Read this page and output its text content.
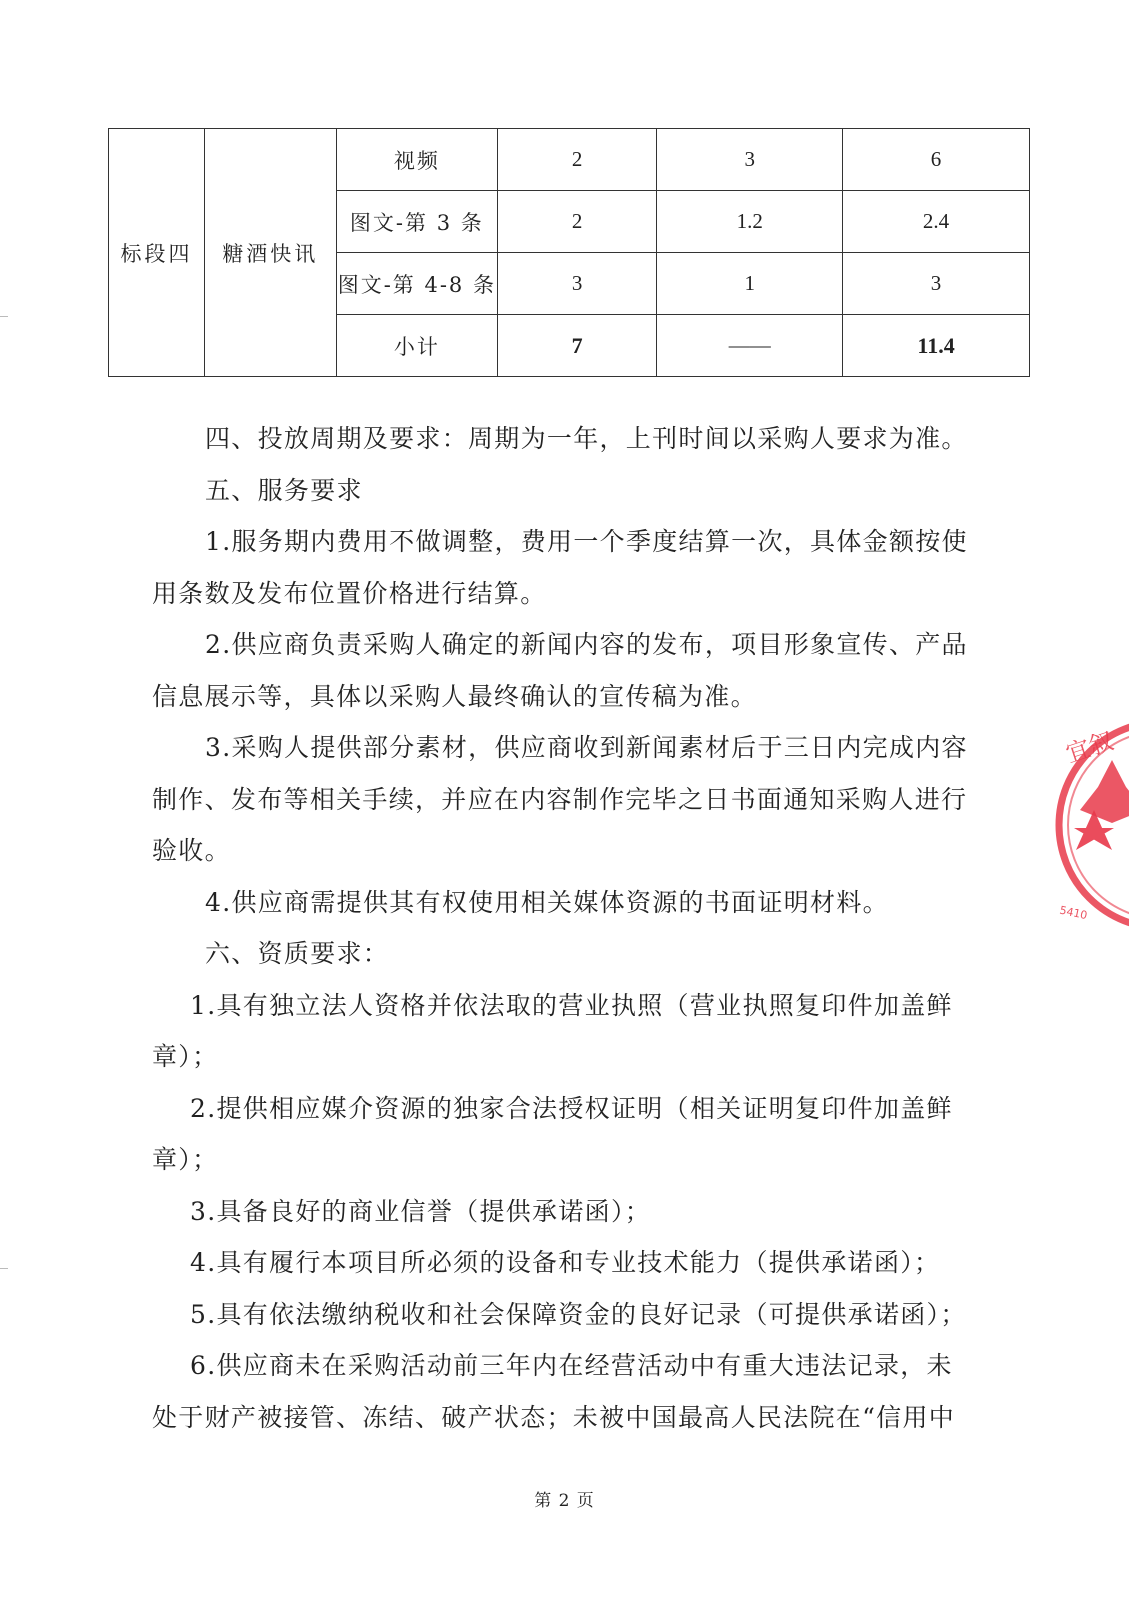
标段四	糖酒快讯	视频	2	3	6
		图文-第 3 条	2	1.2	2.4
		图文-第 4-8 条	3	1	3
		小计	7	——	11.4

四、投放周期及要求：周期为一年，上刊时间以采购人要求为准。

五、服务要求

1.服务期内费用不做调整，费用一个季度结算一次，具体金额按使用条数及发布位置价格进行结算。

2.供应商负责采购人确定的新闻内容的发布，项目形象宣传、产品信息展示等，具体以采购人最终确认的宣传稿为准。

3.采购人提供部分素材，供应商收到新闻素材后于三日内完成内容制作、发布等相关手续，并应在内容制作完毕之日书面通知采购人进行验收。

4.供应商需提供其有权使用相关媒体资源的书面证明材料。

六、资质要求：

1.具有独立法人资格并依法取的营业执照（营业执照复印件加盖鲜章）；

2.提供相应媒介资源的独家合法授权证明（相关证明复印件加盖鲜章）；

3.具备良好的商业信誉（提供承诺函）；

4.具有履行本项目所必须的设备和专业技术能力（提供承诺函）；

5.具有依法缴纳税收和社会保障资金的良好记录（可提供承诺函）；

6.供应商未在采购活动前三年内在经营活动中有重大违法记录，未处于财产被接管、冻结、破产状态；未被中国最高人民法院在“信用中

宜叙
5410
第 2 页
